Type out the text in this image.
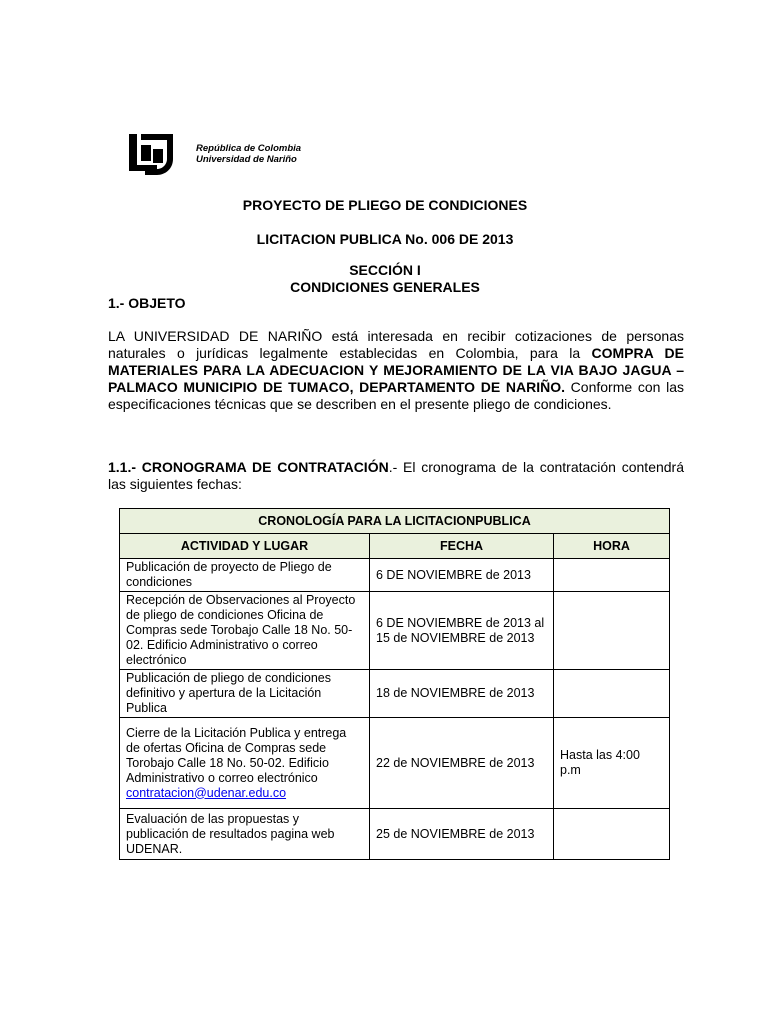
República de Colombia
Universidad de Nariño
PROYECTO DE PLIEGO DE CONDICIONES
LICITACION PUBLICA No. 006 DE 2013
SECCIÓN I
CONDICIONES GENERALES
1.- OBJETO
LA UNIVERSIDAD DE NARIÑO está interesada en recibir cotizaciones de personas naturales o jurídicas legalmente establecidas en Colombia, para la COMPRA DE MATERIALES PARA LA ADECUACION Y MEJORAMIENTO DE LA VIA BAJO JAGUA – PALMACO MUNICIPIO DE TUMACO, DEPARTAMENTO DE NARIÑO. Conforme con las especificaciones técnicas que se describen en el presente pliego de condiciones.
1.1.- CRONOGRAMA DE CONTRATACIÓN.- El cronograma de la contratación contendrá las siguientes fechas:
CRONOLOGÍA PARA LA LICITACIONPUBLICA		
ACTIVIDAD Y LUGAR	FECHA	HORA
Publicación de proyecto de Pliego de condiciones	6 DE NOVIEMBRE de 2013	
Recepción de Observaciones al Proyecto de pliego de condiciones Oficina de Compras sede Torobajo Calle 18 No. 50-02. Edificio Administrativo o correo electrónico	6 DE NOVIEMBRE de 2013 al 15 de NOVIEMBRE de 2013	
Publicación de pliego de condiciones definitivo y apertura de la Licitación Publica	18 de NOVIEMBRE de 2013	

Cierre de la Licitación Publica y entrega de ofertas Oficina de Compras sede Torobajo Calle 18 No. 50-02. Edificio Administrativo o correo electrónico
contratacion@udenar.edu.co	22 de NOVIEMBRE de 2013	Hasta las 4:00 p.m
Evaluación de las propuestas y publicación de resultados pagina web UDENAR.	25 de NOVIEMBRE de 2013	
